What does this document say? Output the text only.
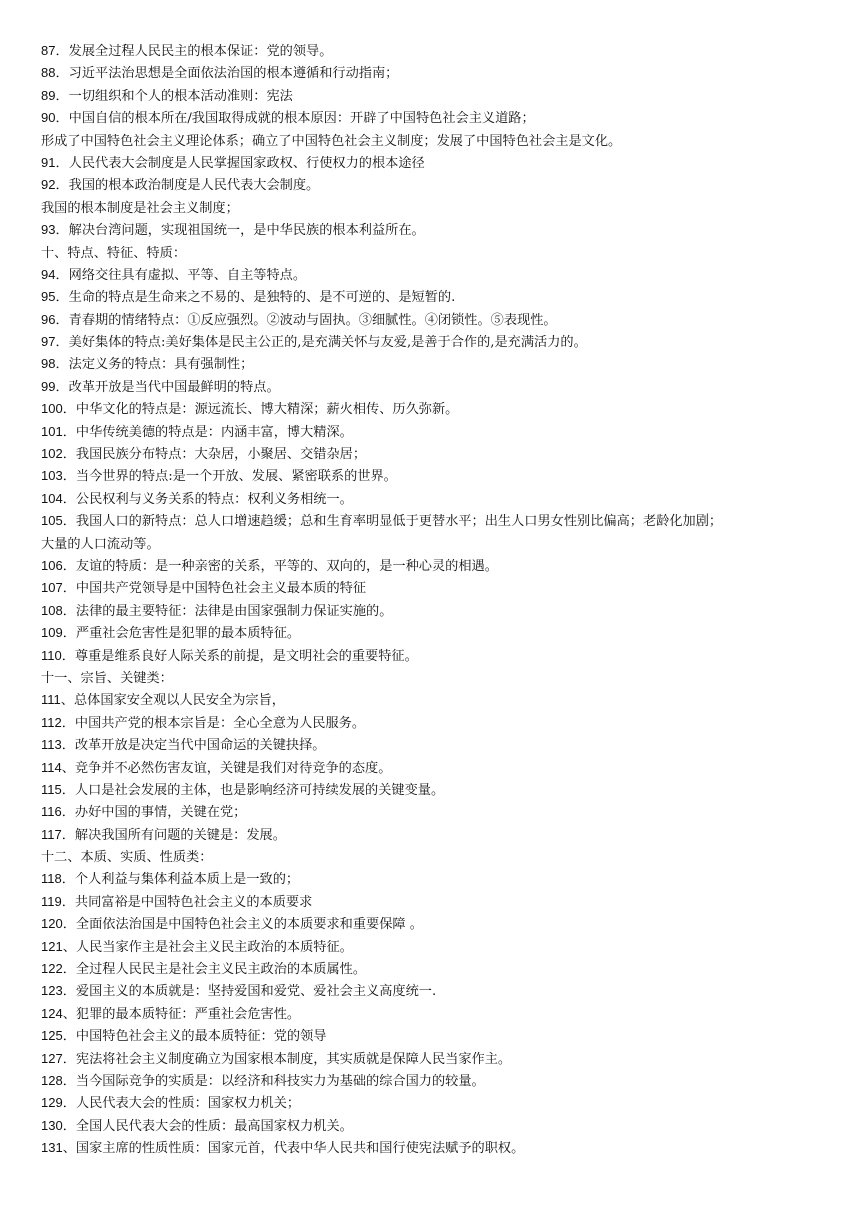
87．发展全过程人民民主的根本保证：党的领导。
88．习近平法治思想是全面依法治国的根本遵循和行动指南；
89．一切组织和个人的根本活动准则：宪法
90．中国自信的根本所在/我国取得成就的根本原因：开辟了中国特色社会主义道路；
形成了中国特色社会主义理论体系；确立了中国特色社会主义制度；发展了中国特色社会主是文化。
91．人民代表大会制度是人民掌握国家政权、行使权力的根本途径
92．我国的根本政治制度是人民代表大会制度。
我国的根本制度是社会主义制度；
93．解决台湾问题，实现祖国统一，是中华民族的根本利益所在。
十、特点、特征、特质：
94．网络交往具有虚拟、平等、自主等特点。
95．生命的特点是生命来之不易的、是独特的、是不可逆的、是短暂的.
96．青春期的情绪特点：①反应强烈。②波动与固执。③细腻性。④闭锁性。⑤表现性。
97．美好集体的特点:美好集体是民主公正的,是充满关怀与友爱,是善于合作的,是充满活力的。
98．法定义务的特点：具有强制性；
99．改革开放是当代中国最鲜明的特点。
100．中华文化的特点是：源远流长、博大精深；薪火相传、历久弥新。
101．中华传统美德的特点是：内涵丰富，博大精深。
102．我国民族分布特点：大杂居，小聚居、交错杂居；
103．当今世界的特点:是一个开放、发展、紧密联系的世界。
104．公民权利与义务关系的特点：权利义务相统一。
105．我国人口的新特点：总人口增速趋缓；总和生育率明显低于更替水平；出生人口男女性别比偏高；老龄化加剧；
大量的人口流动等。
106．友谊的特质：是一种亲密的关系，平等的、双向的，是一种心灵的相遇。
107．中国共产党领导是中国特色社会主义最本质的特征
108．法律的最主要特征：法律是由国家强制力保证实施的。
109．严重社会危害性是犯罪的最本质特征。
110．尊重是维系良好人际关系的前提，是文明社会的重要特征。
十一、宗旨、关键类：
111、总体国家安全观以人民安全为宗旨，
112．中国共产党的根本宗旨是：全心全意为人民服务。
113．改革开放是决定当代中国命运的关键抉择。
114、竞争并不必然伤害友谊，关键是我们对待竞争的态度。
115．人口是社会发展的主体，也是影响经济可持续发展的关键变量。
116．办好中国的事情，关键在党；
117．解决我国所有问题的关键是：发展。
十二、本质、实质、性质类：
118．个人利益与集体利益本质上是一致的；
119．共同富裕是中国特色社会主义的本质要求
120．全面依法治国是中国特色社会主义的本质要求和重要保障 。
121、人民当家作主是社会主义民主政治的本质特征。
122．全过程人民民主是社会主义民主政治的本质属性。
123．爱国主义的本质就是：坚持爱国和爱党、爱社会主义高度统一.
124、犯罪的最本质特征：严重社会危害性。
125．中国特色社会主义的最本质特征：党的领导
127．宪法将社会主义制度确立为国家根本制度，其实质就是保障人民当家作主。
128．当今国际竞争的实质是：以经济和科技实力为基础的综合国力的较量。
129．人民代表大会的性质：国家权力机关；
130．全国人民代表大会的性质：最高国家权力机关。
131、国家主席的性质性质：国家元首，代表中华人民共和国行使宪法赋予的职权。
